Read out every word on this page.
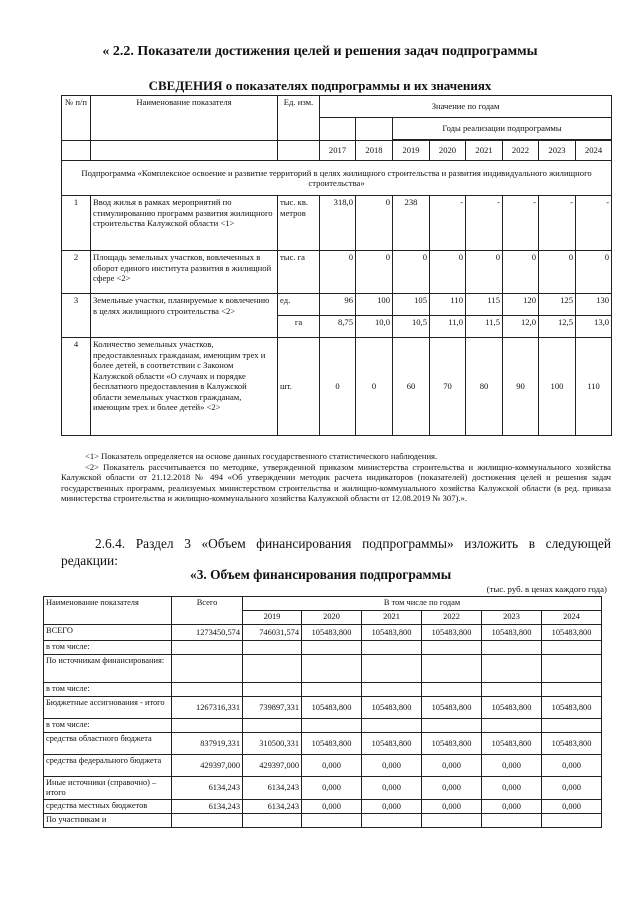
« 2.2. Показатели достижения целей и решения задач подпрограммы
СВЕДЕНИЯ о показателях подпрограммы и их значениях
№ п/п	Наименование показателя	Ед. изм.	Значение по годам							
					Годы реализации подпрограммы					

			2017	2018	2019	2020	2021	2022	2023	2024
Подпрограмма «Комплексное освоение и развитие территорий в целях жилищного строительства и развития индивидуального жилищного строительства»										
1	Ввод жилья в рамках мероприятий по стимулированию программ развития жилищного строительства Калужской области <1>	тыс. кв. метров	318,0	0	238	-	-	-	-	-
2	Площадь земельных участков, вовлеченных в оборот единого института развития в жилищной сфере <2>	тыс. га	0	0	0	0	0	0	0	0
3	Земельные участки, планируемые к вовлечению в целях жилищного строительства <2>	ед.	96	100	105	110	115	120	125	130
		га	8,75	10,0	10,5	11,0	11,5	12,0	12,5	13,0
4	Количество земельных участков, предоставленных гражданам, имеющим трех и более детей, в соответствии с Законом Калужской области «О случаях и порядке бесплатного предоставления в Калужской области земельных участков гражданам, имеющим трех и более детей» <2>	шт.	0	0	60	70	80	90	100	110

<1> Показатель определяется на основе данных государственного статистического наблюдения.

<2> Показатель рассчитывается по методике, утвержденной приказом министерства строительства и жилищно-коммунального хозяйства Калужской области от 21.12.2018 № 494 «Об утверждении методик расчета индикаторов (показателей) достижения целей и решения задач государственных программ, реализуемых министерством строительства и жилищно-коммунального хозяйства Калужской области (в ред. приказа министерства строительства и жилищно-коммунального хозяйства Калужской области от 12.08.2019 № 307).».

2.6.4. Раздел 3 «Объем финансирования подпрограммы» изложить в следующей редакции:
«3. Объем финансирования подпрограммы
(тыс. руб. в ценах каждого года)
Наименование показателя	Всего	В том числе по годам					
		2019	2020	2021	2022	2023	2024
ВСЕГО	1273450,574	746031,574	105483,800	105483,800	105483,800	105483,800	105483,800
в том числе:							
По источникам финансирования:							
в том числе:							
Бюджетные ассигнования - итого	1267316,331	739897,331	105483,800	105483,800	105483,800	105483,800	105483,800
в том числе:							
средства областного бюджета	837919,331	310500,331	105483,800	105483,800	105483,800	105483,800	105483,800
средства федерального бюджета	429397,000	429397,000	0,000	0,000	0,000	0,000	0,000
Иные источники (справочно) – итого	6134,243	6134,243	0,000	0,000	0,000	0,000	0,000
средства местных бюджетов	6134,243	6134,243	0,000	0,000	0,000	0,000	0,000
По участникам и							
